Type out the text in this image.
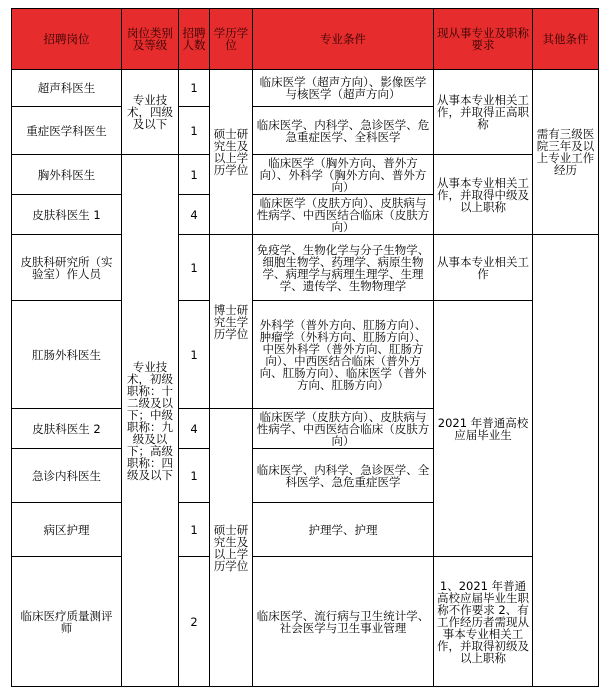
招聘岗位	岗位类别及等级	招聘人数	学历学位	专业条件	现从事专业及职称要求	其他条件
超声科医生	专业技术，四级及以下	1	硕士研究生及以上学历学位	临床医学（超声方向）、影像医学与核医学（超声方向）	从事本专业相关工作，并取得正高职称	需有三级医院三年及以上专业工作经历
重症医学科医生		1		临床医学、内科学、急诊医学、危急重症医学、全科医学		
胸外科医生	专业技术，初级职称：十二级及以下；中级职称：九级及以下；高级职称：四级及以下	1		临床医学（胸外方向、普外方向）、外科学（胸外方向、普外方向）	从事本专业相关工作，并取得中级及以上职称	
皮肤科医生 1		4		临床医学（皮肤方向）、皮肤病与性病学、中西医结合临床（皮肤方向）		
皮肤科研究所（实验室）作人员		1	博士研究生学历学位	免疫学、生物化学与分子生物学、细胞生物学、药理学、病原生物学、病理学与病理生理学、生理学、遗传学、生物物理学	从事本专业相关工作	
肛肠外科医生		1		外科学（普外方向、肛肠方向）、肿瘤学（外科方向、肛肠方向）、中医外科学（普外方向、肛肠方向）、中西医结合临床（普外方向、肛肠方向）、临床医学（普外方向、肛肠方向）	2021 年普通高校 应届毕业生	
皮肤科医生 2		4	硕士研究生及以上学历学位	临床医学（皮肤方向）、皮肤病与性病学、中西医结合临床（皮肤方向）		
急诊内科医生		1		临床医学、内科学、急诊医学、全科医学、急危重症医学		
病区护理		1		护理学、护理		
临床医疗质量测评师		2		临床医学、流行病与卫生统计学、社会医学与卫生事业管理	1、2021 年普通高校应届毕业生职称不作要求 2、有工作经历者需现从事本专业相关工作，并取得初级及以上职称	
